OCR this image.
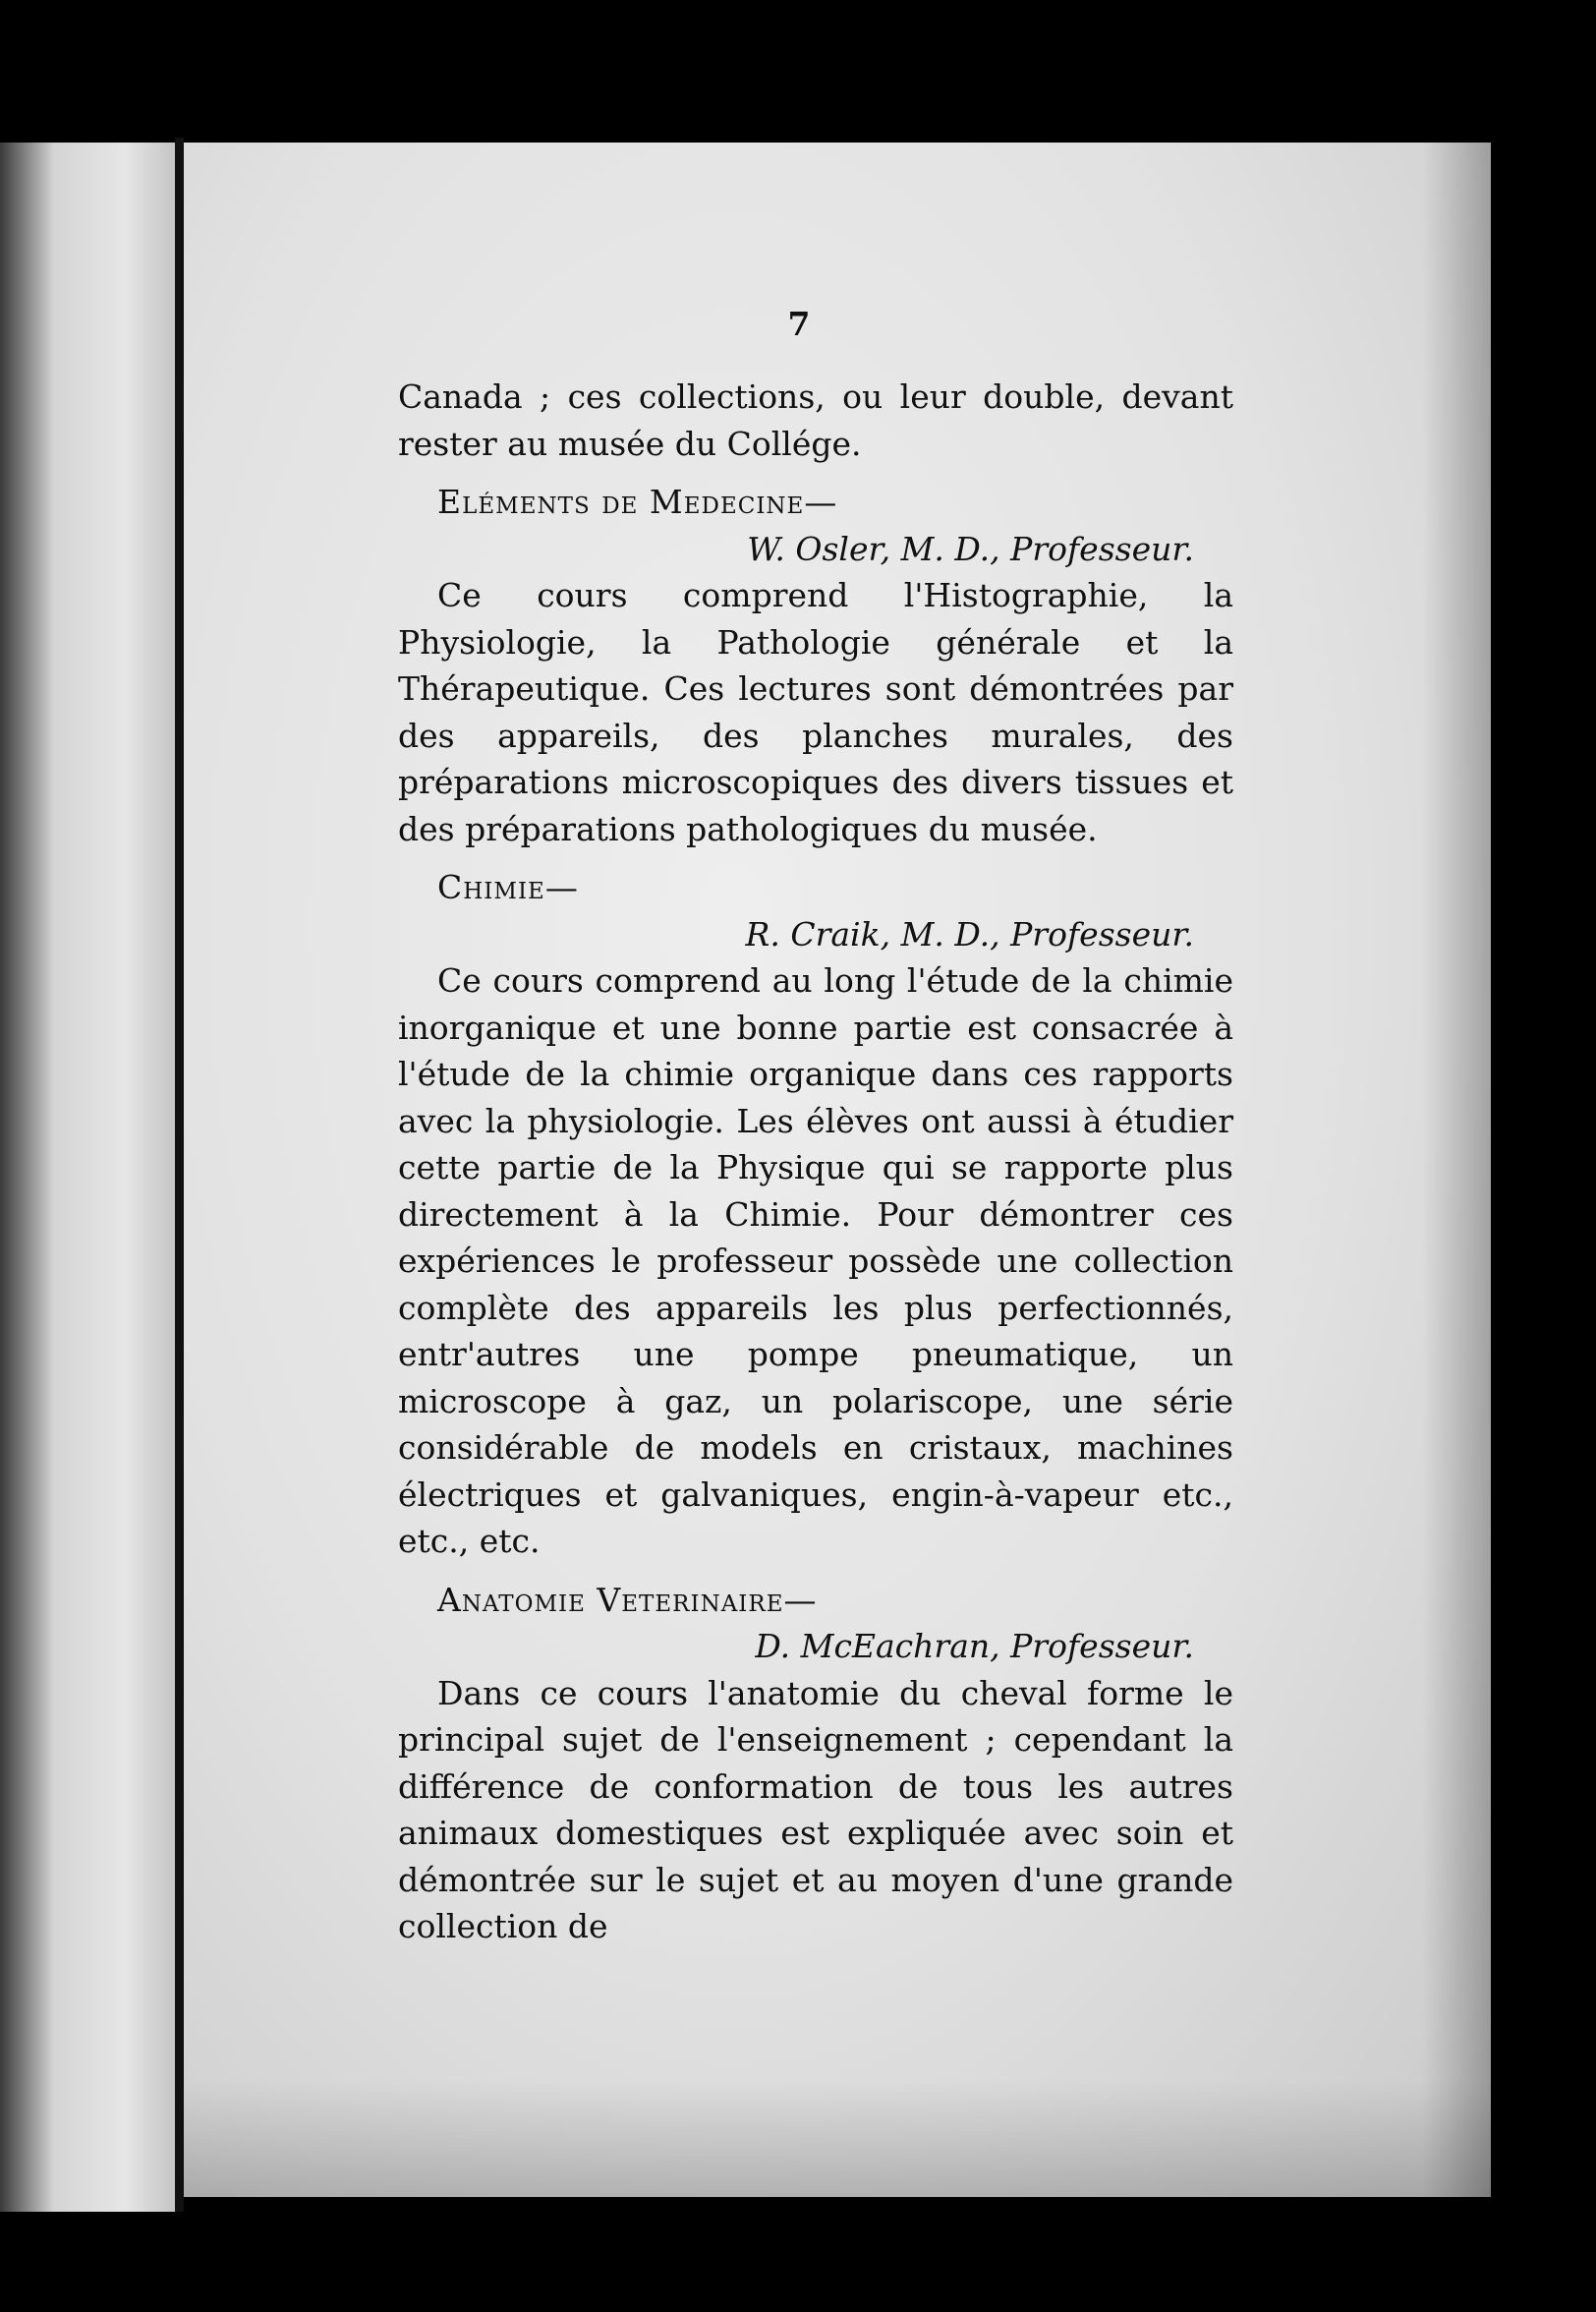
7

Canada ; ces collections, ou leur double, devant rester au musée du Collége.

Eléments de Medecine—

W. Osler, M. D., Professeur.

Ce cours comprend l'Histographie, la Physiologie, la Pathologie générale et la Thérapeutique. Ces lectures sont démontrées par des appareils, des planches murales, des préparations microscopiques des divers tissues et des préparations pathologiques du musée.

Chimie—

R. Craik, M. D., Professeur.

Ce cours comprend au long l'étude de la chimie inorganique et une bonne partie est consacrée à l'étude de la chimie organique dans ces rapports avec la physiologie. Les élèves ont aussi à étudier cette partie de la Physique qui se rapporte plus directement à la Chimie. Pour démontrer ces expériences le professeur possède une collection complète des appareils les plus perfectionnés, entr'autres une pompe pneumatique, un microscope à gaz, un polariscope, une série considérable de models en cristaux, machines électriques et galvaniques, engin-à-vapeur etc., etc., etc.

Anatomie Veterinaire—

D. McEachran, Professeur.

Dans ce cours l'anatomie du cheval forme le principal sujet de l'enseignement ; cependant la différence de conformation de tous les autres animaux domestiques est expliquée avec soin et démontrée sur le sujet et au moyen d'une grande collection de
